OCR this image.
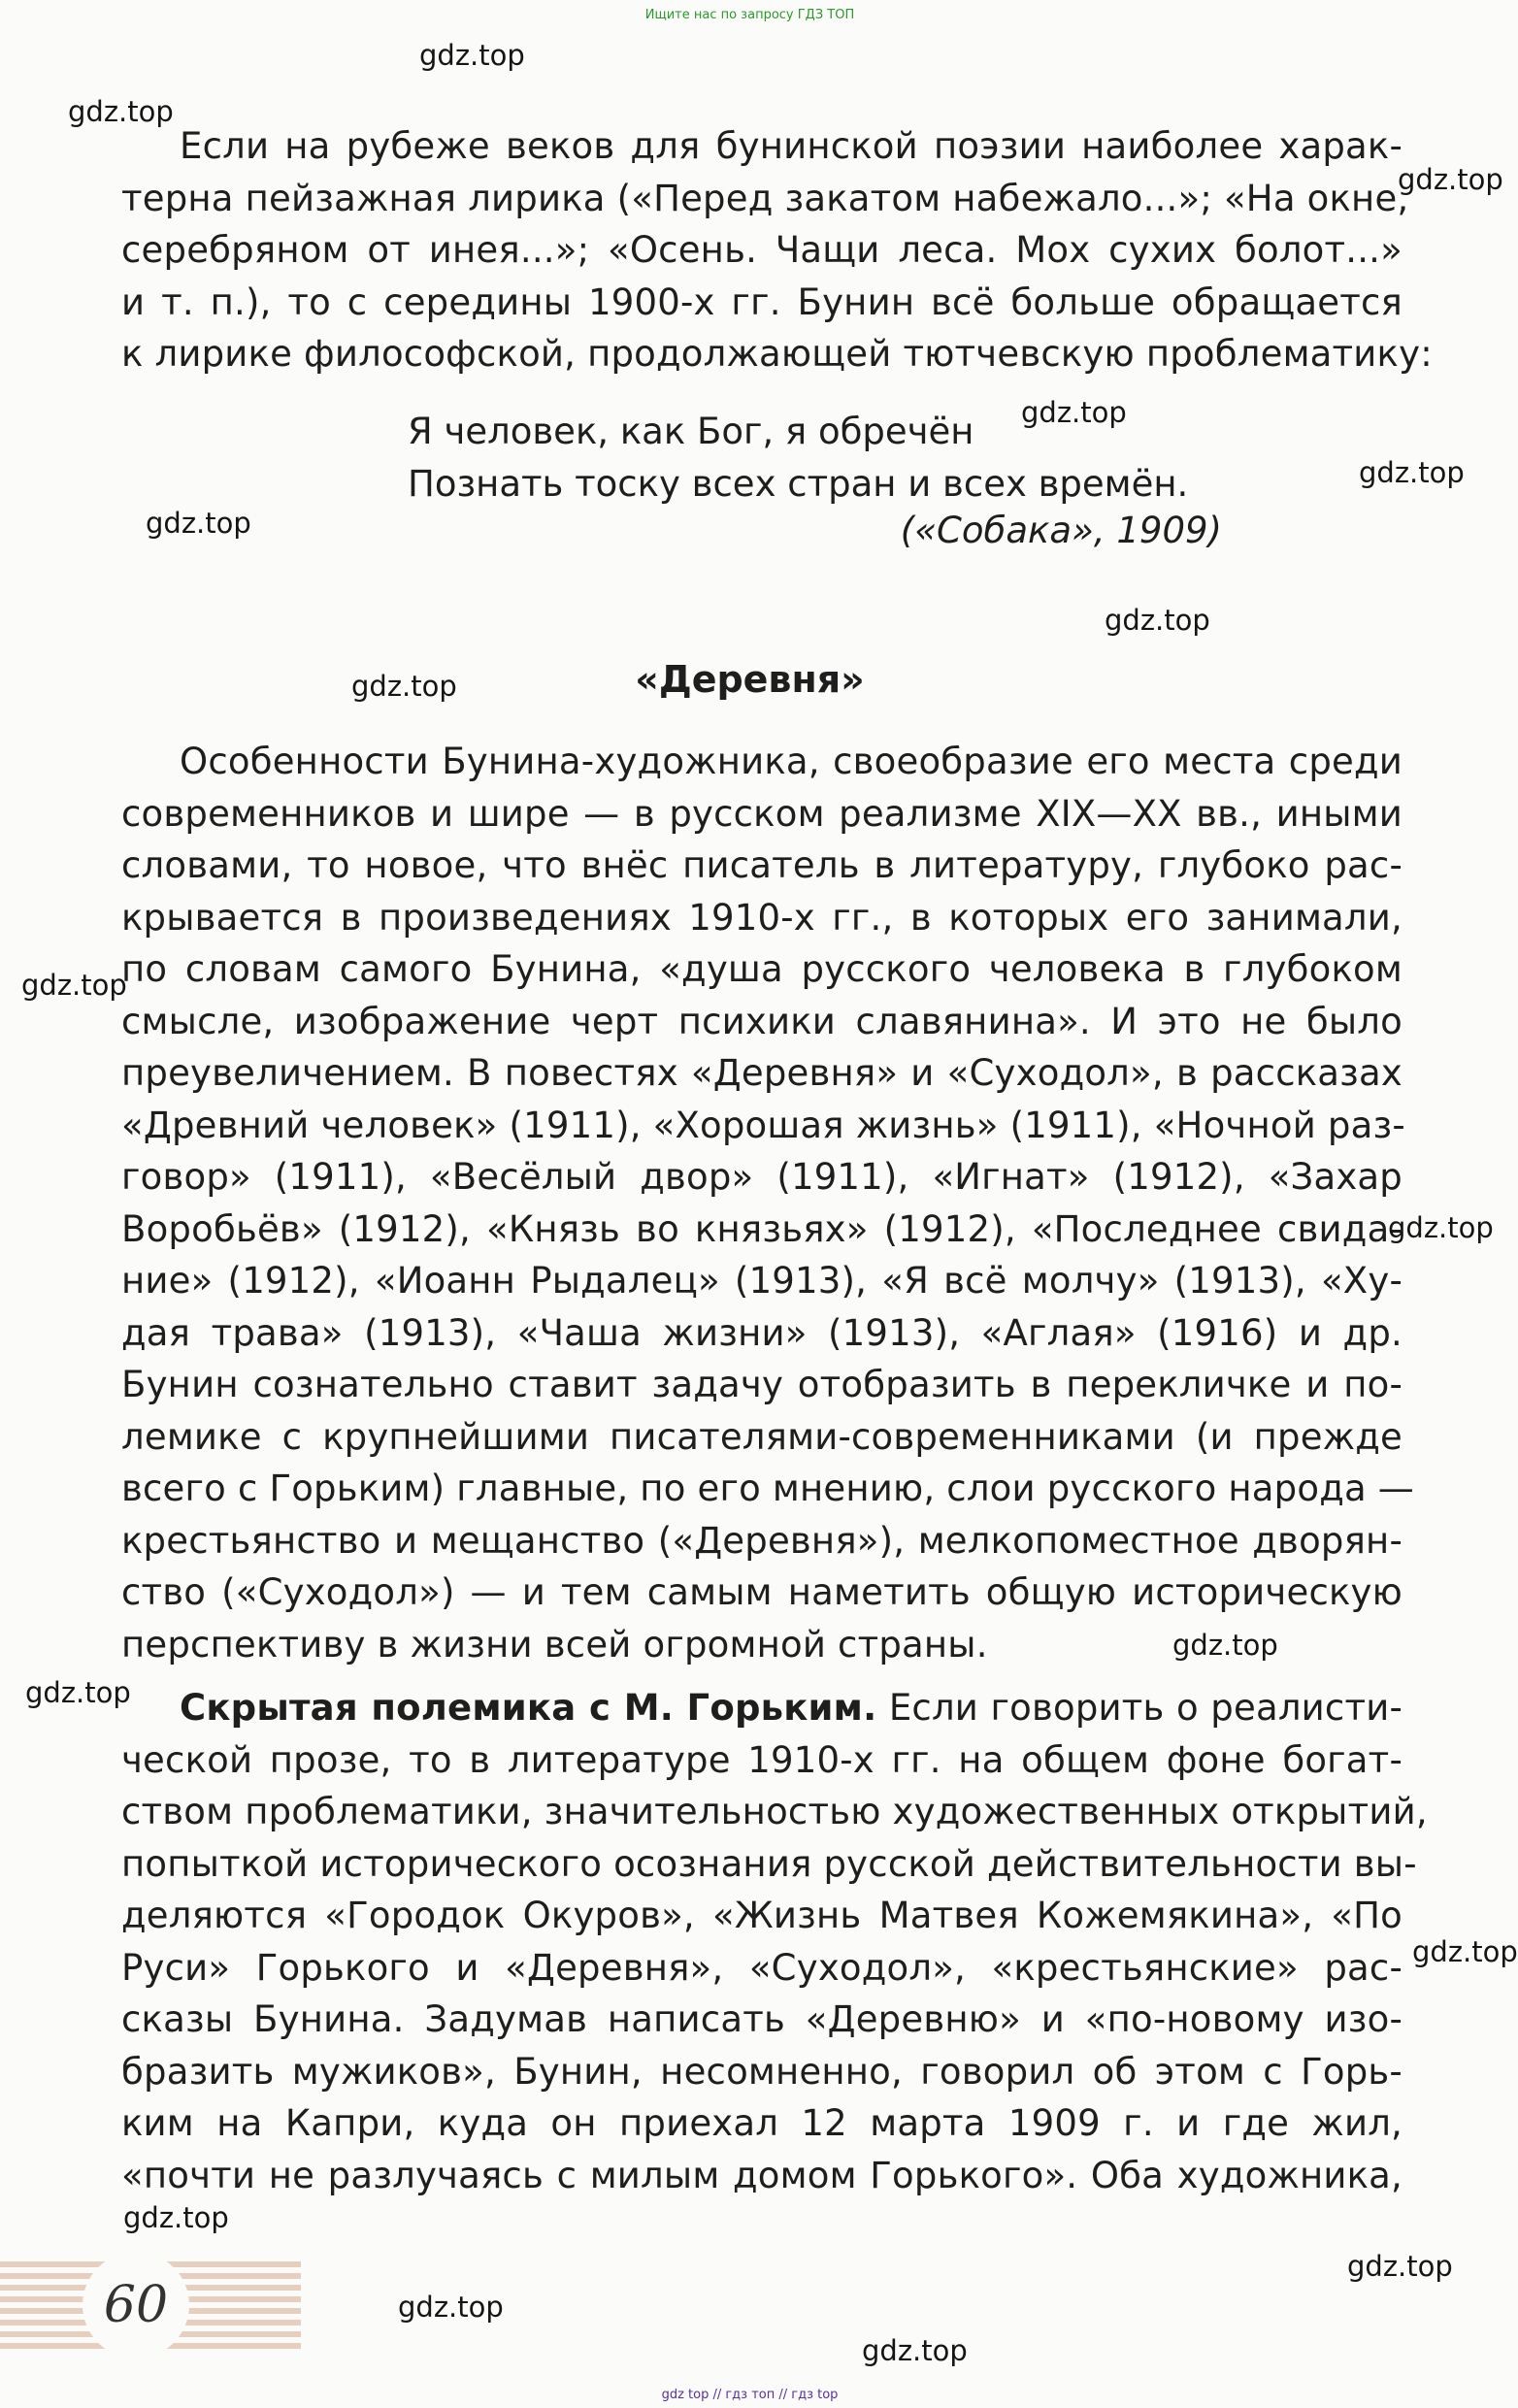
Ищите нас по запросу ГДЗ ТОП
Если на рубеже веков для бунинской поэзии наиболее харак-
терна пейзажная лирика («Перед закатом набежало...»; «На окне,
серебряном от инея...»; «Осень. Чащи леса. Мох сухих болот...»
и т. п.), то с середины 1900-х гг. Бунин всё больше обращается
к лирике философской, продолжающей тютчевскую проблематику:
Я человек, как Бог, я обречён
Познать тоску всех стран и всех времён.
(«Собака», 1909)
«Деревня»
Особенности Бунина-художника, своеобразие его места среди
современников и шире — в русском реализме XIX—XX вв., иными
словами, то новое, что внёс писатель в литературу, глубоко рас-
крывается в произведениях 1910-х гг., в которых его занимали,
по словам самого Бунина, «душа русского человека в глубоком
смысле, изображение черт психики славянина». И это не было
преувеличением. В повестях «Деревня» и «Суходол», в рассказах
«Древний человек» (1911), «Хорошая жизнь» (1911), «Ночной раз-
говор» (1911), «Весёлый двор» (1911), «Игнат» (1912), «Захар
Воробьёв» (1912), «Князь во князьях» (1912), «Последнее свида-
ние» (1912), «Иоанн Рыдалец» (1913), «Я всё молчу» (1913), «Ху-
дая трава» (1913), «Чаша жизни» (1913), «Аглая» (1916) и др.
Бунин сознательно ставит задачу отобразить в перекличке и по-
лемике с крупнейшими писателями-современниками (и прежде
всего с Горьким) главные, по его мнению, слои русского народа —
крестьянство и мещанство («Деревня»), мелкопоместное дворян-
ство («Суходол») — и тем самым наметить общую историческую
перспективу в жизни всей огромной страны.
Скрытая полемика с М. Горьким. Если говорить о реалисти-
ческой прозе, то в литературе 1910-х гг. на общем фоне богат-
ством проблематики, значительностью художественных открытий,
попыткой исторического осознания русской действительности вы-
деляются «Городок Окуров», «Жизнь Матвея Кожемякина», «По
Руси» Горького и «Деревня», «Суходол», «крестьянские» рас-
сказы Бунина. Задумав написать «Деревню» и «по-новому изо-
бразить мужиков», Бунин, несомненно, говорил об этом с Горь-
ким на Капри, куда он приехал 12 марта 1909 г. и где жил,
«почти не разлучаясь с милым домом Горького». Оба художника,
gdz.top
gdz.top
gdz.top
gdz.top
gdz.top
gdz.top
gdz.top
gdz.top
gdz.top
gdz.top
gdz.top
gdz.top
gdz.top
gdz.top
gdz.top
gdz.top
gdz.top
60
gdz top // гдз топ // гдз top
